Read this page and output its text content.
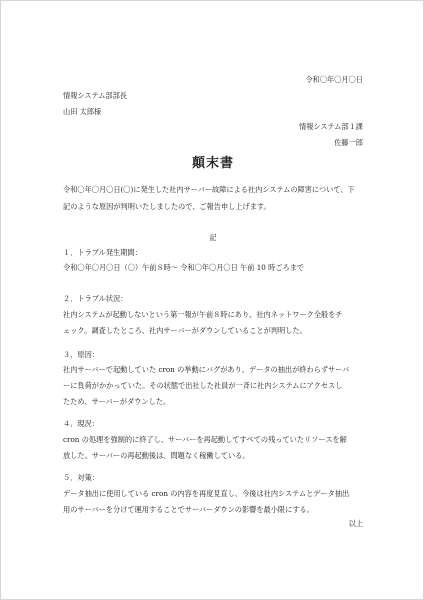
令和〇年〇月〇日

情報システム部部長

山田 太郎様

情報システム部１課

佐藤一郎

顛末書

令和〇年〇月〇日(〇)に発生した社内サーバー故障による社内システムの障害について、下

記のような原因が判明いたしましたので、ご報告申し上げます。

記

１．トラブル発生期間：

令和〇年〇月〇日（〇）午前８時〜 令和〇年〇月〇日 午前 10 時ごろまで

２．トラブル状況：

社内システムが起動しないという第一報が午前８時にあり、社内ネットワーク全般をチ

ェック。調査したところ、社内サーバーがダウンしていることが判明した。

３．原因：

社内サーバーで起動していた cron の挙動にバグがあり、データの抽出が終わらずサーバ

ーに負荷がかかっていた。その状態で出社した社員が一斉に社内システムにアクセスし

たため、サーバーがダウンした。

４．現況：

cron の処理を強制的に終了し、サーバーを再起動してすべての残っていたリソースを解

放した。サーバーの再起動後は、問題なく稼働している。

５．対策：

データ抽出に使用している cron の内容を再度見直し、今後は社内システムとデータ抽出

用のサーバーを分けて運用することでサーバーダウンの影響を最小限にする。

以上
